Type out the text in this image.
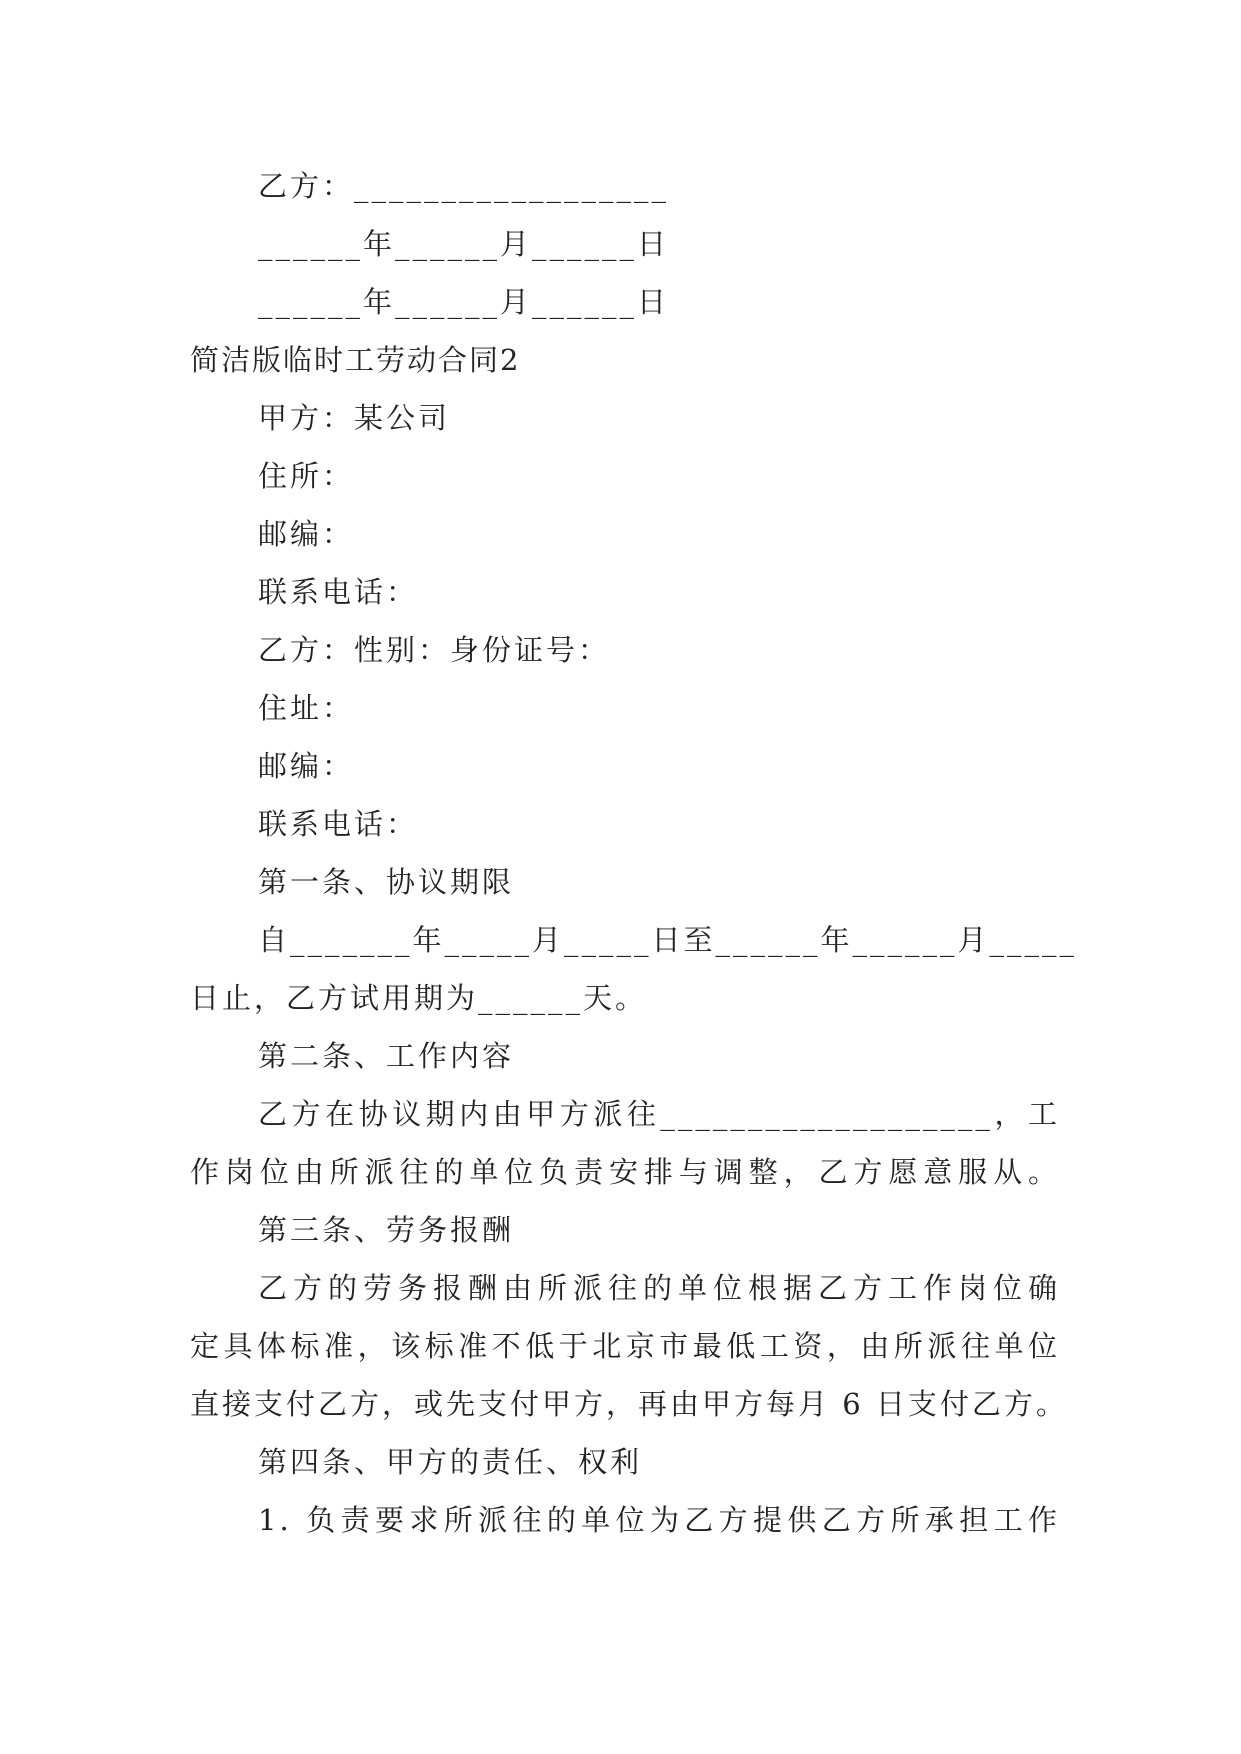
乙方：__________________
______年______月______日
______年______月______日
简洁版临时工劳动合同2
甲方：某公司
住所：
邮编：
联系电话：
乙方：性别：身份证号：
住址：
邮编：
联系电话：
第一条、协议期限
自_______年_____月_____日至______年______月_____
日止，乙方试用期为______天。
第二条、工作内容
乙方在协议期内由甲方派往___________________，工
作岗位由所派往的单位负责安排与调整，乙方愿意服从。
第三条、劳务报酬
乙方的劳务报酬由所派往的单位根据乙方工作岗位确
定具体标准，该标准不低于北京市最低工资，由所派往单位
直接支付乙方，或先支付甲方，再由甲方每月 6 日支付乙方。
第四条、甲方的责任、权利
1. 负责要求所派往的单位为乙方提供乙方所承担工作
